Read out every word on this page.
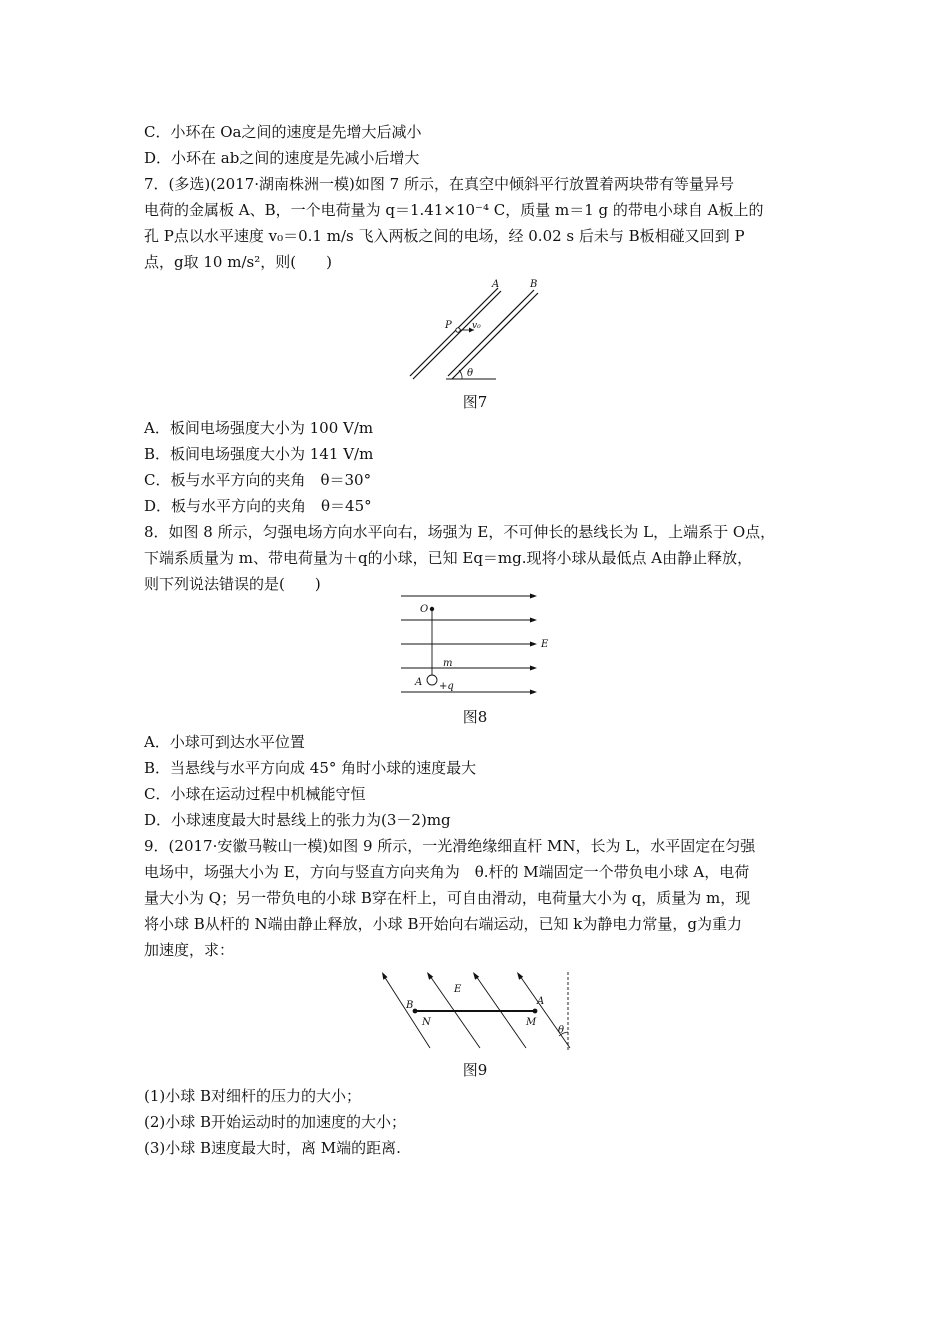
C．小环在 Oa之间的速度是先增大后减小
D．小环在 ab之间的速度是先减小后增大
7．(多选)(2017·湖南株洲一模)如图 7 所示，在真空中倾斜平行放置着两块带有等量异号
电荷的金属板 A、B，一个电荷量为 q＝1.41×10⁻⁴ C，质量 m＝1 g 的带电小球自 A板上的
孔 P点以水平速度 v₀＝0.1 m/s 飞入两板之间的电场，经 0.02 s 后未与 B板相碰又回到 P
点，g取 10 m/s²，则(　　)
A	B
P v₀
θ
图7
A．板间电场强度大小为 100 V/m
B．板间电场强度大小为 141 V/m
C．板与水平方向的夹角　θ＝30°
D．板与水平方向的夹角　θ＝45°
8．如图 8 所示，匀强电场方向水平向右，场强为 E，不可伸长的悬线长为 L，上端系于 O点，
下端系质量为 m、带电荷量为＋q的小球，已知 Eq＝mg.现将小球从最低点 A由静止释放，
则下列说法错误的是(　　)
O
E
m
A +q
图8
A．小球可到达水平位置
B．当悬线与水平方向成 45° 角时小球的速度最大
C．小球在运动过程中机械能守恒
D．小球速度最大时悬线上的张力为(3－2)mg
9．(2017·安徽马鞍山一模)如图 9 所示，一光滑绝缘细直杆 MN，长为 L，水平固定在匀强
电场中，场强大小为 E，方向与竖直方向夹角为　θ.杆的 M端固定一个带负电小球 A，电荷
量大小为 Q；另一带负电的小球 B穿在杆上，可自由滑动，电荷量大小为 q，质量为 m，现
将小球 B从杆的 N端由静止释放，小球 B开始向右端运动，已知 k为静电力常量，g为重力
加速度，求：
B
E
A
N	M
θ
图9
(1)小球 B对细杆的压力的大小；
(2)小球 B开始运动时的加速度的大小；
(3)小球 B速度最大时，离 M端的距离.
